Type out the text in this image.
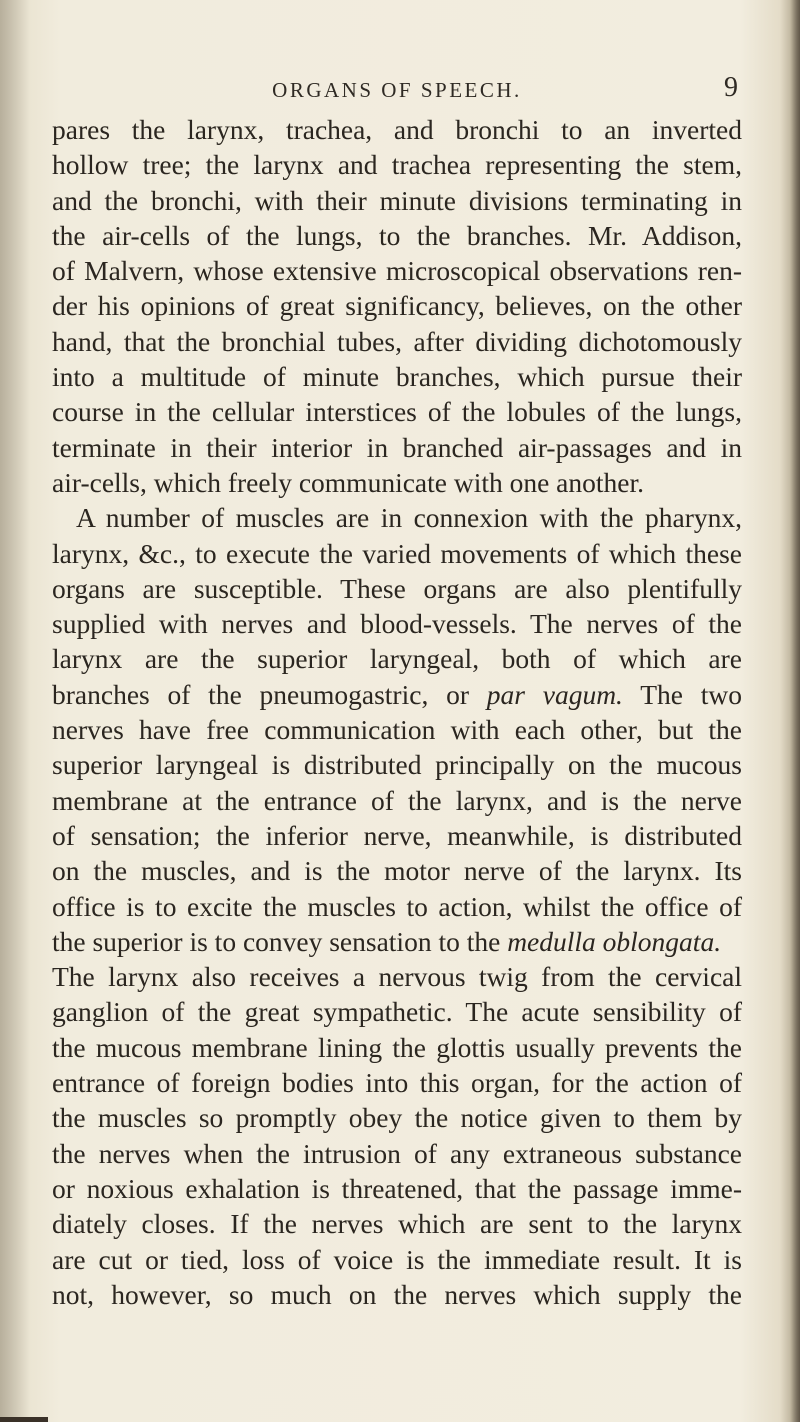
ORGANS OF SPEECH.	9
pares the larynx, trachea, and bronchi to an inverted
hollow tree; the larynx and trachea representing the stem,
and the bronchi, with their minute divisions terminating in
the air-cells of the lungs, to the branches. Mr. Addison,
of Malvern, whose extensive microscopical observations ren-
der his opinions of great significancy, believes, on the other
hand, that the bronchial tubes, after dividing dichotomously
into a multitude of minute branches, which pursue their
course in the cellular interstices of the lobules of the lungs,
terminate in their interior in branched air-passages and in
air-cells, which freely communicate with one another.
A number of muscles are in connexion with the pharynx,
larynx, &c., to execute the varied movements of which these
organs are susceptible. These organs are also plentifully
supplied with nerves and blood-vessels. The nerves of the
larynx are the superior laryngeal, both of which are
branches of the pneumogastric, or par vagum. The two
nerves have free communication with each other, but the
superior laryngeal is distributed principally on the mucous
membrane at the entrance of the larynx, and is the nerve
of sensation; the inferior nerve, meanwhile, is distributed
on the muscles, and is the motor nerve of the larynx. Its
office is to excite the muscles to action, whilst the office of
the superior is to convey sensation to the medulla oblongata.
The larynx also receives a nervous twig from the cervical
ganglion of the great sympathetic. The acute sensibility of
the mucous membrane lining the glottis usually prevents the
entrance of foreign bodies into this organ, for the action of
the muscles so promptly obey the notice given to them by
the nerves when the intrusion of any extraneous substance
or noxious exhalation is threatened, that the passage imme-
diately closes. If the nerves which are sent to the larynx
are cut or tied, loss of voice is the immediate result. It is
not, however, so much on the nerves which supply the
